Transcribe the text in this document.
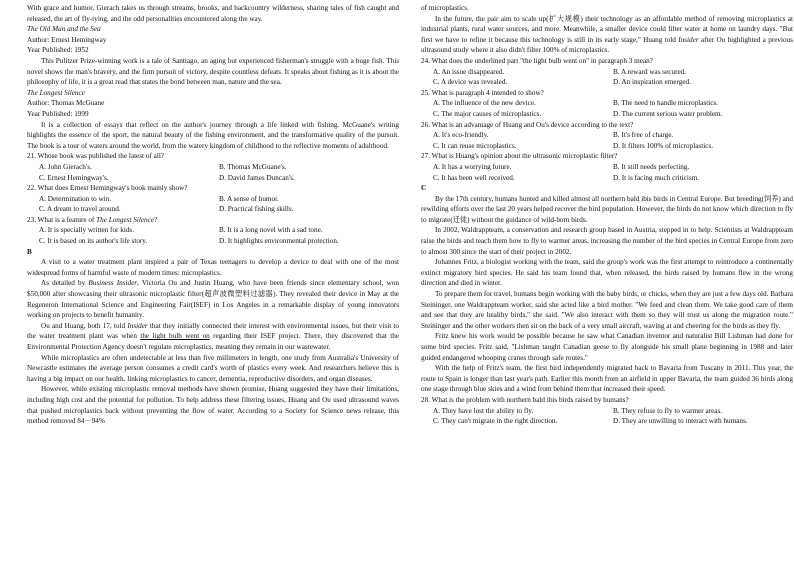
With grace and humor, Gierach takes us through streams, brooks, and backcountry wilderness, sharing tales of fish caught and released, the art of fly-tying, and the odd personalities encountered along the way.

The Old Man and the Sea

Author: Ernest Hemingway

Year Published: 1952

This Pulitzer Prize-winning work is a tale of Santiago, an aging but experienced fisherman's struggle with a huge fish. This novel shows the man's bravery, and the firm pursuit of victory, despite countless defeats. It speaks about fishing as it is about the philosophy of life, it is a great read that states the bond between man, nature and the sea.

The Longest Silence

Author: Thomas McGuane

Year Published: 1999

It is a collection of essays that reflect on the author's journey through a life linked with fishing. McGuane's writing highlights the essence of the sport, the natural beauty of the fishing environment, and the transformative quality of the pursuit. The book is a tour of waters around the world, from the watery kingdom of childhood to the reflective moments of adulthood.

21. Whose book was published the latest of all?

A. John Gierach's.	B. Thomas McGuane's.
C. Ernest Hemingway's.	D. David James Duncan's.

22. What does Ernest Hemingway's book mainly show?

A. Determination to win.	B. A sense of humor.
C. A dream to travel around.	D. Practical fishing skills.

23. What is a feature of The Longest Silence?

A. It is specially written for kids.	B. It is a long novel with a sad tone.
C. It is based on its author's life story.	D. It highlights environmental protection.

B

A visit to a water treatment plant inspired a pair of Texas teenagers to develop a device to deal with one of the most widespread forms of harmful waste of modern times: microplastics.

As detailed by Business Insider, Victoria Ou and Justin Huang, who have been friends since elementary school, won $50,000 after showcasing their ultrasonic microplastic filter(超声波微塑料过滤器). They revealed their device in May at the Regeneron International Science and Engineering Fair(ISEF) in Los Angeles in a remarkable display of young innovators working on projects to benefit humanity.

Ou and Huang, both 17, told Insider that they initially connected their interest with environmental issues, but their visit to the water treatment plant was when the light bulb went on regarding their ISEF project. There, they discovered that the Environmental Protection Agency doesn't regulate microplastics, meaning they remain in our wastewater.

While microplastics are often undetectable at less than five millimeters in length, one study from Australia's University of Newcastle estimates the average person consumes a credit card's worth of plastics every week. And researchers believe this is having a big impact on our health, linking microplastics to cancer, dementia, reproductive disorders, and organ diseases.

However, while existing microplastic removal methods have shown promise, Huang suggested they have their limitations, including high cost and the potential for pollution. To help address these filtering issues, Huang and Ou used ultrasound waves that pushed microplastics back without preventing the flow of water. According to a Society for Science news release, this method removed 84－94%

of microplastics.

In the future, the pair aim to scale up(扩大规模) their technology as an affordable method of removing microplastics at industrial plants, rural water sources, and more. Meanwhile, a smaller device could filter water at home on laundry days. "But first we have to refine it because this technology is still in its early stage," Huang told Insider after Ou highlighted a previous ultrasound study where it also didn't filter 100% of microplastics.

24. What does the underlined part "the light bulb went on" in paragraph 3 mean?

A. An issue disappeared.	B. A reward was secured.
C. A device was revealed.	D. An inspiration emerged.

25. What is paragraph 4 intended to show?

A. The influence of the new device.	B. The need to handle microplastics.
C. The major causes of microplastics.	D. The current serious water problem.

26. What is an advantage of Huang and Ou's device according to the text?

A. It's eco-friendly.	B. It's free of charge.
C. It can reuse microplastics.	D. It filters 100% of microplastics.

27. What is Huang's opinion about the ultrasonic microplastic filter?

A. It has a worrying future.	B. It still needs perfecting.
C. It has been well received.	D. It is facing much criticism.

C

By the 17th century, humans hunted and killed almost all northern bald ibis birds in Central Europe. But breeding(饲养) and rewilding efforts over the last 20 years helped recover the bird population. However, the birds do not know which direction to fly to migrate(迁徙) without the guidance of wild-born birds.

In 2002, Waldrappteam, a conservation and research group based in Austria, stepped in to help. Scientists at Waldrappteam raise the birds and teach them how to fly to warmer areas, increasing the number of the bird species in Central Europe from zero to almost 300 since the start of their project in 2002.

Johannes Fritz, a biologist working with the team, said the group's work was the first attempt to reintroduce a continentally extinct migratory bird species. He said his team found that, when released, the birds raised by humans flew in the wrong direction and died in winter.

To prepare them for travel, humans begin working with the baby birds, or chicks, when they are just a few days old. Barbara Steininger, one Waldrappteam worker, said she acted like a bird mother. "We feed and clean them. We take good care of them and see that they are healthy birds," she said. "We also interact with them so they will trust us along the migration route." Steininger and the other workers then sit on the back of a very small aircraft, waving at and cheering for the birds as they fly.

Fritz knew his work would be possible because he saw what Canadian inventor and naturalist Bill Lishman had done for some bird species. Fritz said, "Lishman taught Canadian geese to fly alongside his small plane beginning in 1988 and later guided endangered whooping cranes through safe routes."

With the help of Fritz's team, the first bird independently migrated back to Bavaria from Tuscany in 2011. This year, the route to Spain is longer than last year's path. Earlier this month from an airfield in upper Bavaria, the team guided 36 birds along one stage through blue skies and a wind from behind them that increased their speed.

28. What is the problem with northern bald ibis birds raised by humans?

A. They have lost the ability to fly.	B. They refuse to fly to warmer areas.
C. They can't migrate in the right direction.	D. They are unwilling to interact with humans.
